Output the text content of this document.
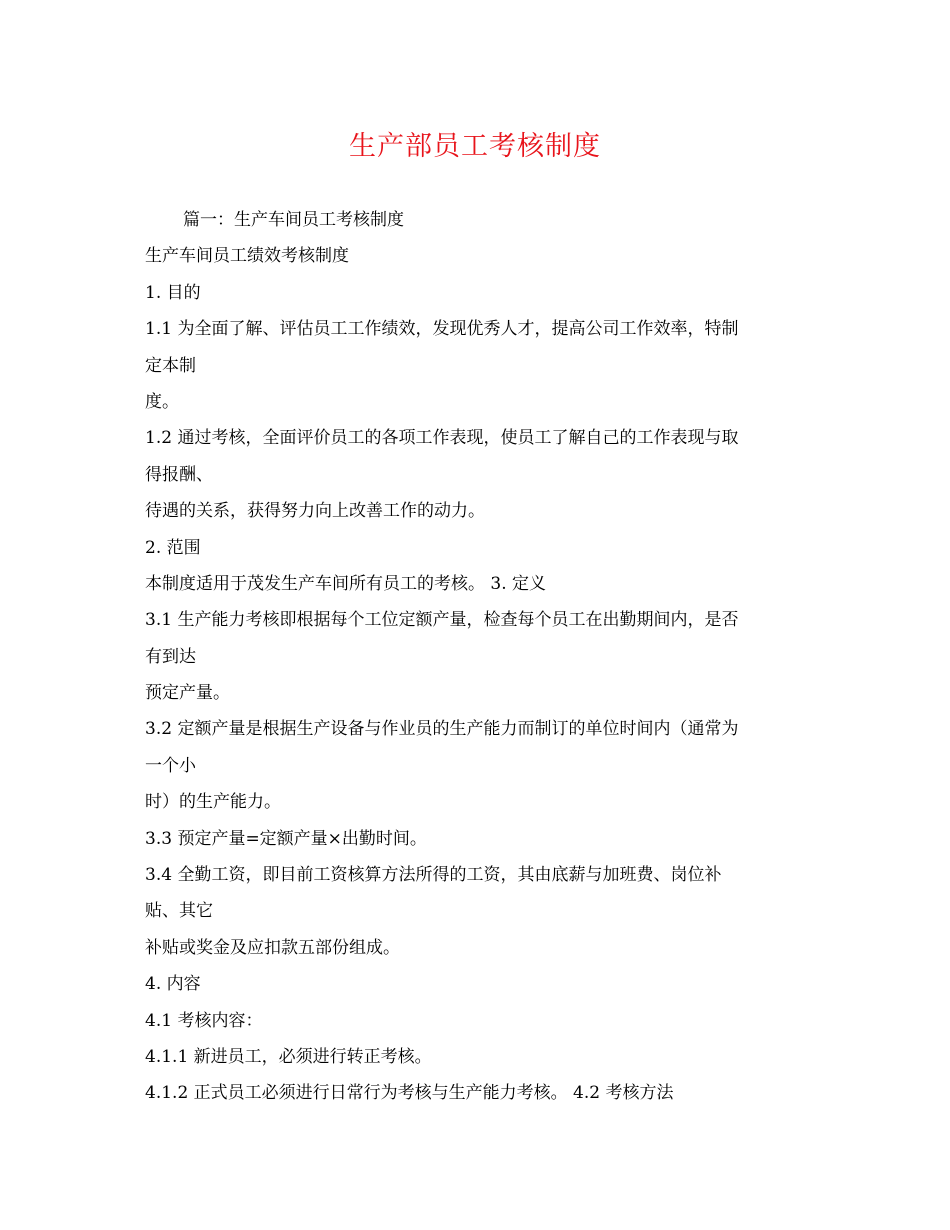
生产部员工考核制度
篇一：生产车间员工考核制度
生产车间员工绩效考核制度
1. 目的
1.1 为全面了解、评估员工工作绩效，发现优秀人才，提高公司工作效率，特制
定本制
度。
1.2 通过考核，全面评价员工的各项工作表现，使员工了解自己的工作表现与取
得报酬、
待遇的关系，获得努力向上改善工作的动力。
2. 范围
本制度适用于茂发生产车间所有员工的考核。 3. 定义
3.1 生产能力考核即根据每个工位定额产量，检查每个员工在出勤期间内，是否
有到达
预定产量。
3.2 定额产量是根据生产设备与作业员的生产能力而制订的单位时间内（通常为
一个小
时）的生产能力。
3.3 预定产量=定额产量×出勤时间。
3.4 全勤工资，即目前工资核算方法所得的工资，其由底薪与加班费、岗位补
贴、其它
补贴或奖金及应扣款五部份组成。
4. 内容
4.1 考核内容：
4.1.1 新进员工，必须进行转正考核。
4.1.2 正式员工必须进行日常行为考核与生产能力考核。 4.2 考核方法
